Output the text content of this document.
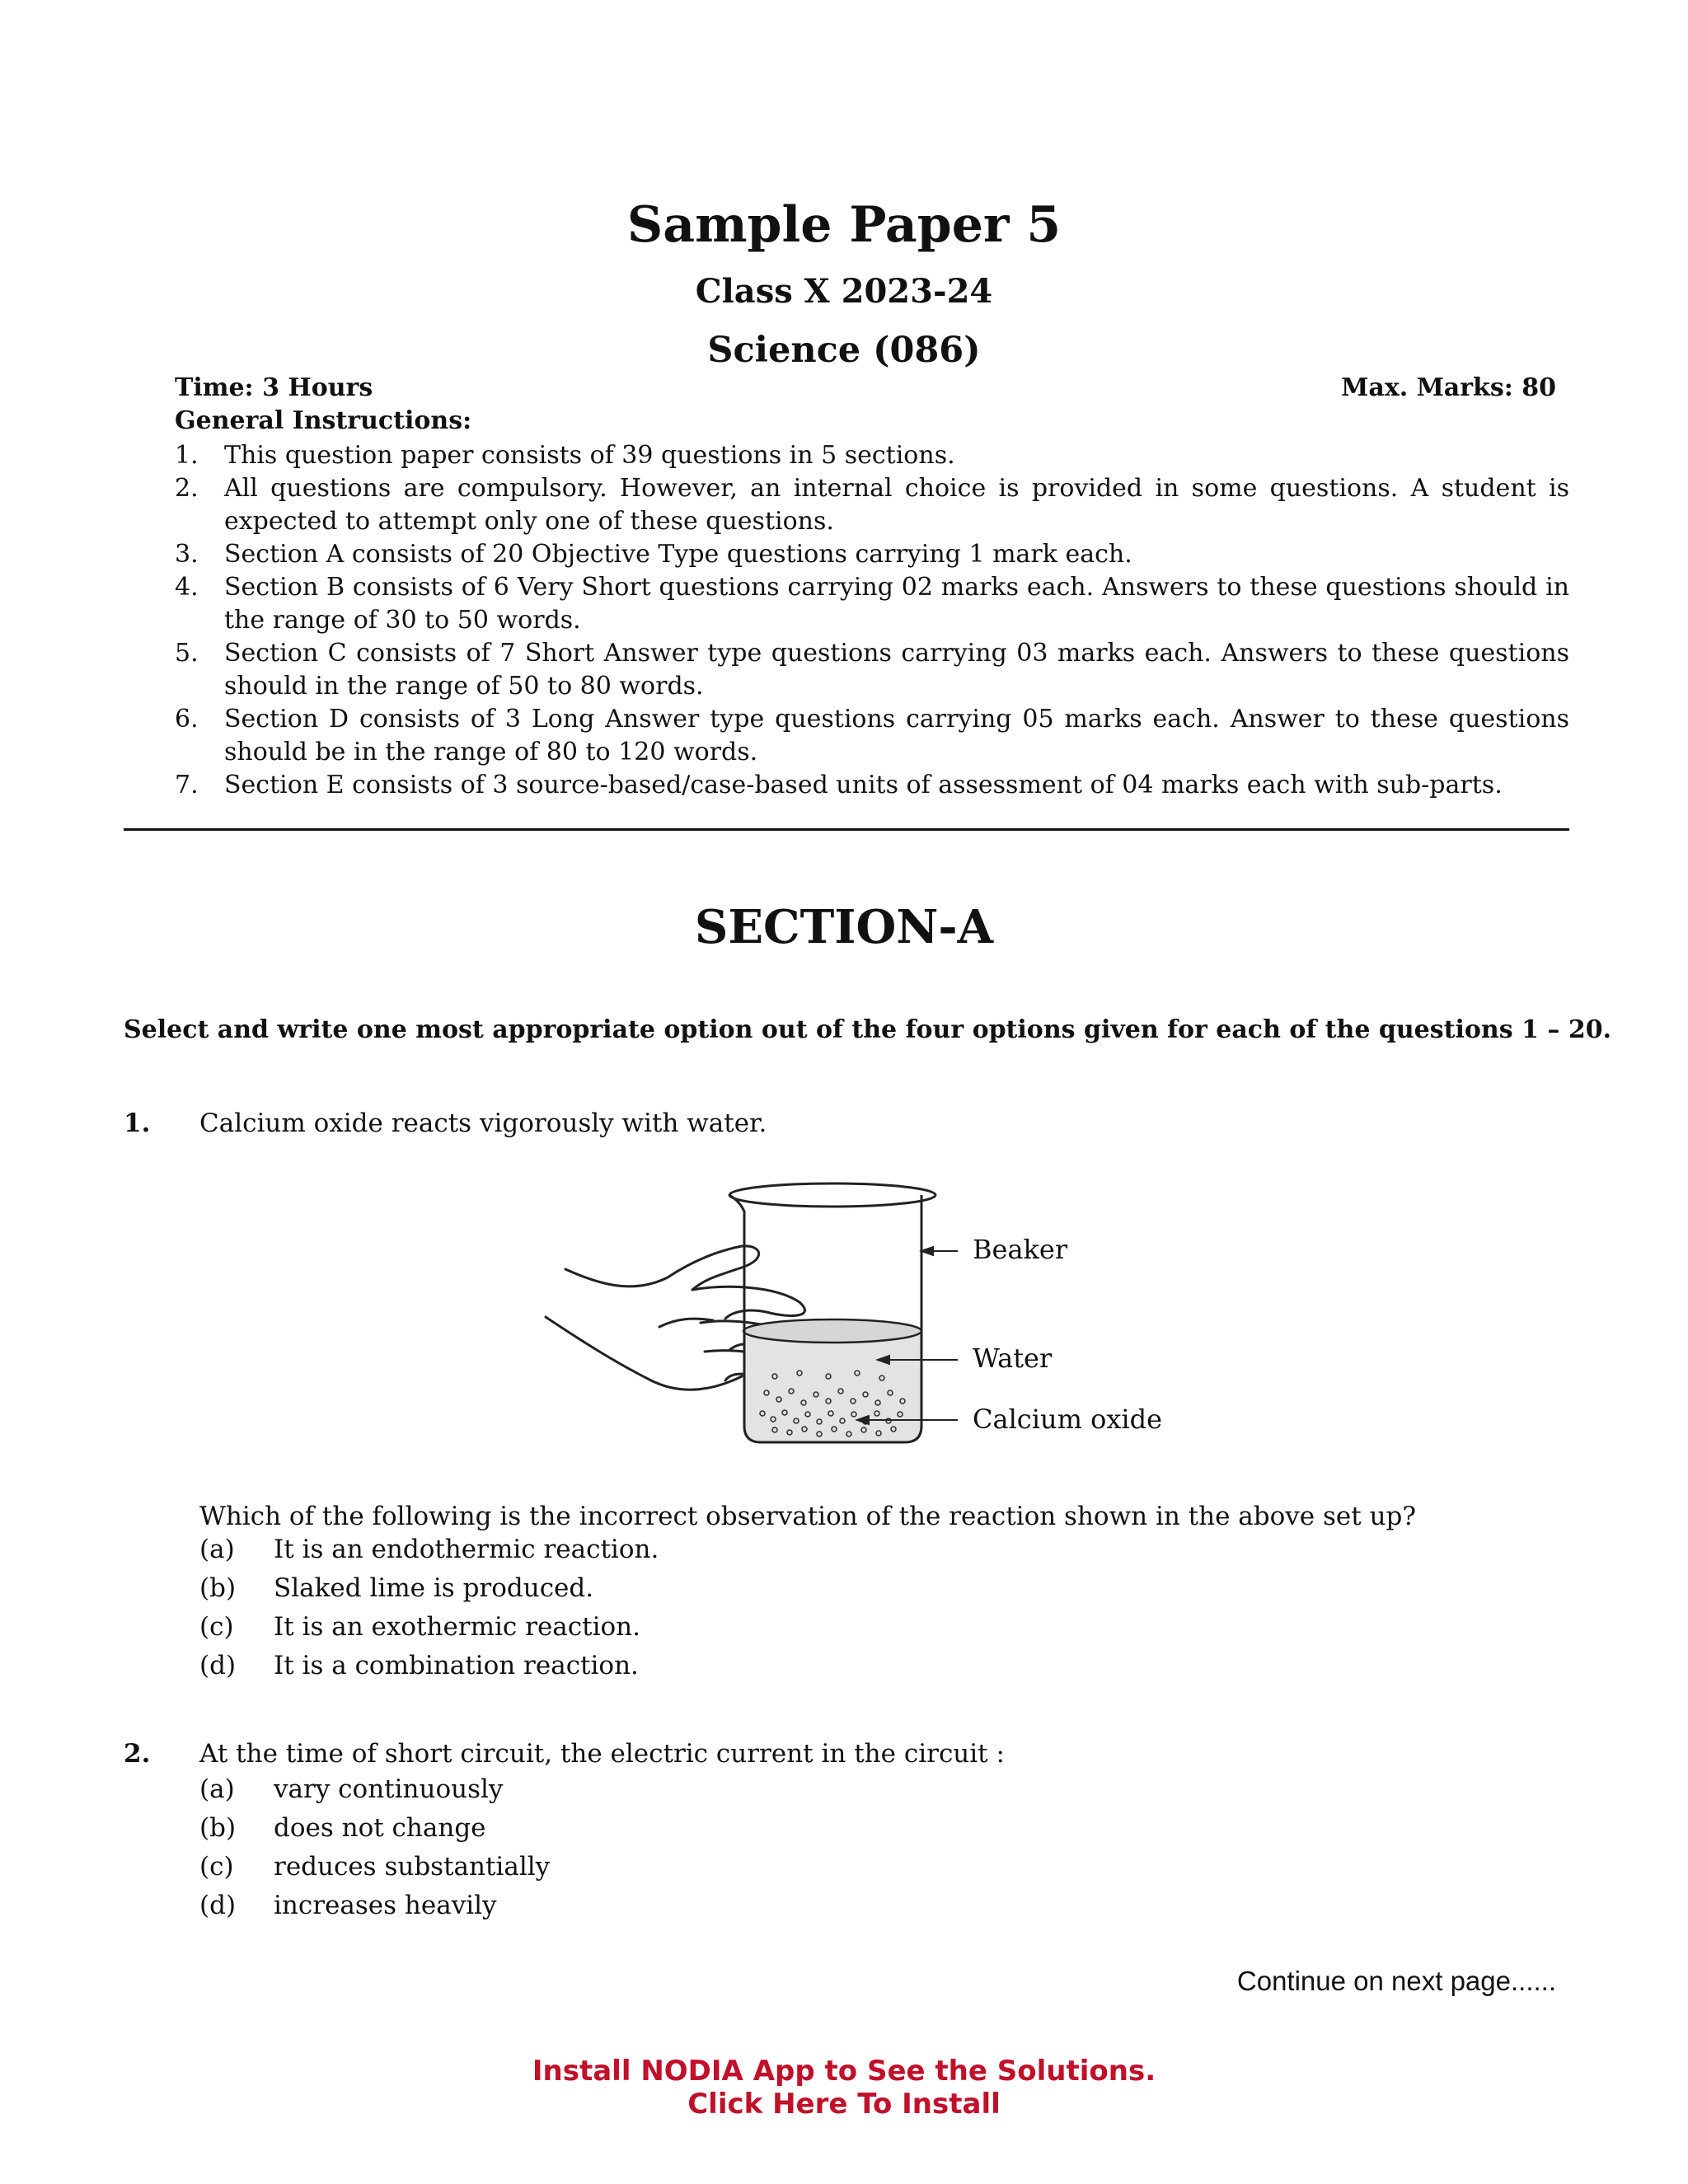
Sample Paper 5
Class X 2023-24
Science (086)
Time: 3 Hours	Max. Marks: 80
General Instructions:
1. This question paper consists of 39 questions in 5 sections.
2. All questions are compulsory. However, an internal choice is provided in some questions. A student is expected to attempt only one of these questions.
3. Section A consists of 20 Objective Type questions carrying 1 mark each.
4. Section B consists of 6 Very Short questions carrying 02 marks each. Answers to these questions should in the range of 30 to 50 words.
5. Section C consists of 7 Short Answer type questions carrying 03 marks each. Answers to these questions should in the range of 50 to 80 words.
6. Section D consists of 3 Long Answer type questions carrying 05 marks each. Answer to these questions should be in the range of 80 to 120 words.
7. Section E consists of 3 source-based/case-based units of assessment of 04 marks each with sub-parts.
SECTION-A
Select and write one most appropriate option out of the four options given for each of the questions 1 – 20.
1. Calcium oxide reacts vigorously with water.
Beaker
Water
Calcium oxide
Which of the following is the incorrect observation of the reaction shown in the above set up?
(a) It is an endothermic reaction.
(b) Slaked lime is produced.
(c) It is an exothermic reaction.
(d) It is a combination reaction.
2. At the time of short circuit, the electric current in the circuit :
(a) vary continuously
(b) does not change
(c) reduces substantially
(d) increases heavily
Continue on next page......
Install NODIA App to See the Solutions.
Click Here To Install
